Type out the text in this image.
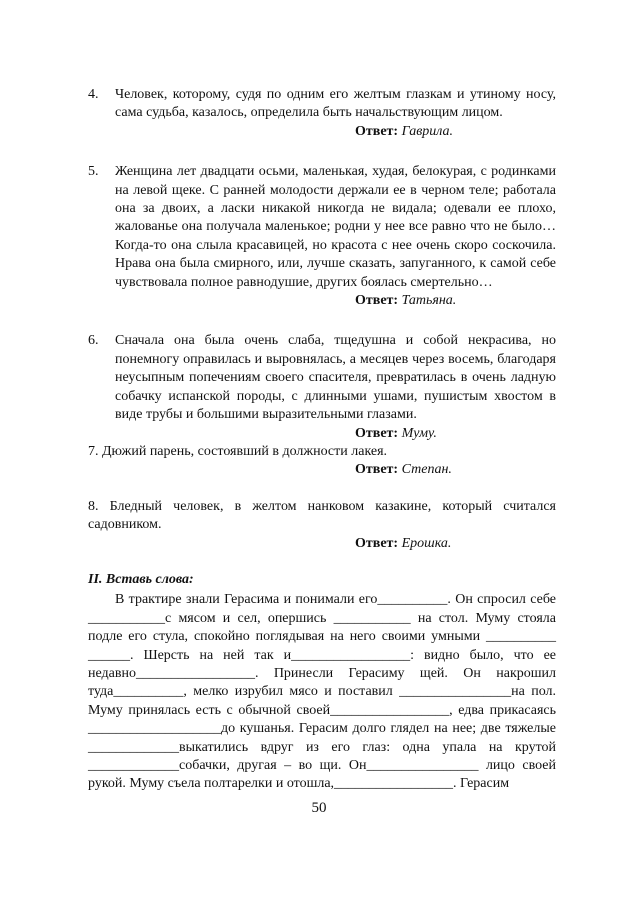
4. Человек, которому, судя по одним его желтым глазкам и утиному носу, сама судьба, казалось, определила быть начальствующим лицом.
Ответ: Гаврила.
5. Женщина лет двадцати осьми, маленькая, худая, белокурая, с родинками на левой щеке. С ранней молодости держали ее в черном теле; работала она за двоих, а ласки никакой никогда не видала; одевали ее плохо, жалованье она получала маленькое; родни у нее все равно что не было… Когда-то она слыла красавицей, но красота с нее очень скоро соскочила. Нрава она была смирного, или, лучше сказать, запуганного, к самой себе чувствовала полное равнодушие, других боялась смертельно…
Ответ: Татьяна.
6. Сначала она была очень слаба, тщедушна и собой некрасива, но понемногу оправилась и выровнялась, а месяцев через восемь, благодаря неусыпным попечениям своего спасителя, превратилась в очень ладную собачку испанской породы, с длинными ушами, пушистым хвостом в виде трубы и большими выразительными глазами.
Ответ: Муму.
7. Дюжий парень, состоявший в должности лакея.
Ответ: Степан.
8. Бледный человек, в желтом нанковом казакине, который считался садовником.
Ответ: Ерошка.
II. Вставь слова:
В трактире знали Герасима и понимали его__________. Он спросил себе ___________с мясом и сел, опершись ___________ на стол. Муму стояла подле его стула, спокойно поглядывая на него своими умными __________ ______. Шерсть на ней так и_________________: видно было, что ее недавно_________________. Принесли Герасиму щей. Он накрошил туда__________, мелко изрубил мясо и поставил ________________на пол. Муму принялась есть с обычной своей_________________, едва прикасаясь ___________________до кушанья. Герасим долго глядел на нее; две тяжелые _____________выкатились вдруг из его глаз: одна упала на крутой _____________собачки, другая – во щи. Он________________ лицо своей рукой. Муму съела полтарелки и отошла,_________________. Герасим
50
